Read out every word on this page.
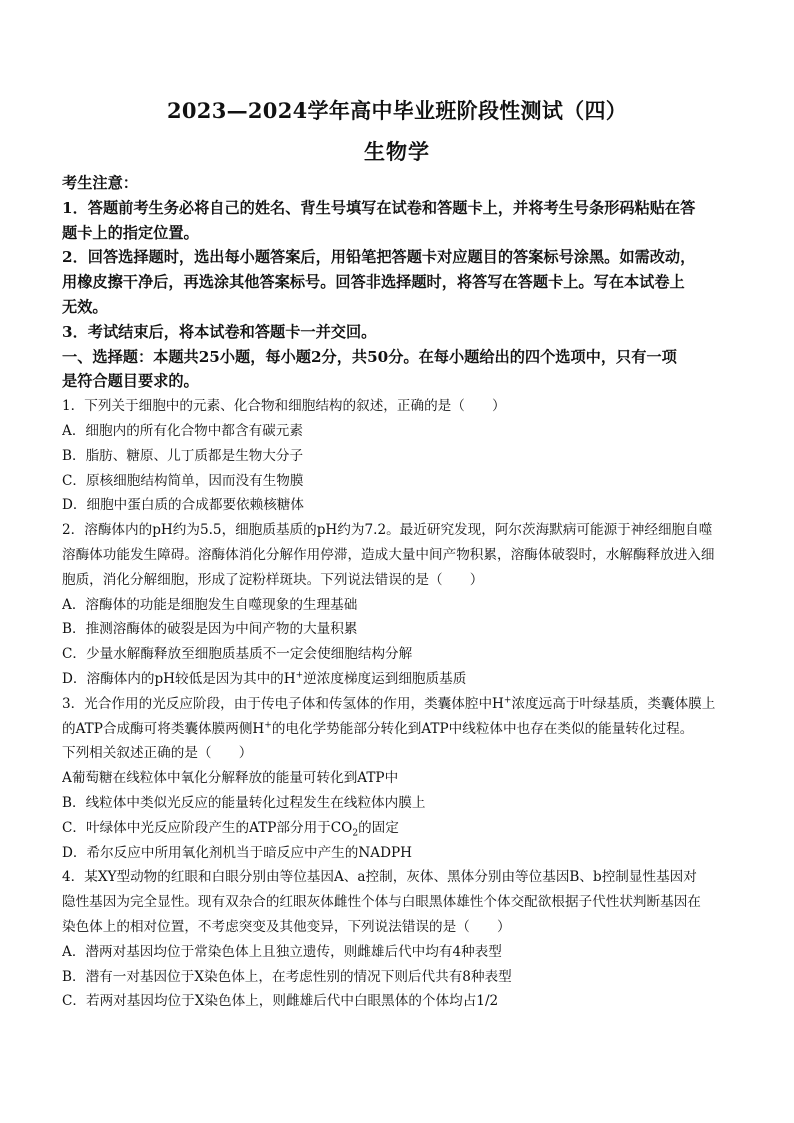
2023—2024学年高中毕业班阶段性测试（四）
生物学
考生注意：
1．答题前考生务必将自己的姓名、背生号填写在试卷和答题卡上，并将考生号条形码粘贴在答
题卡上的指定位置。
2．回答选择题时，选出每小题答案后，用铅笔把答题卡对应题目的答案标号涂黑。如需改动，
用橡皮擦干净后，再选涂其他答案标号。回答非选择题时，将答写在答题卡上。写在本试卷上
无效。
3．考试结束后，将本试卷和答题卡一并交回。
一、选择题：本题共25小题，每小题2分，共50分。在每小题给出的四个选项中，只有一项
是符合题目要求的。
1．下列关于细胞中的元素、化合物和细胞结构的叙述，正确的是（　　）
A．细胞内的所有化合物中都含有碳元素
B．脂肪、糖原、儿丁质都是生物大分子
C．原核细胞结构简单，因而没有生物膜
D．细胞中蛋白质的合成都要依赖核糖体
2．溶酶体内的pH约为5.5，细胞质基质的pH约为7.2。最近研究发现，阿尔茨海默病可能源于神经细胞自噬
溶酶体功能发生障碍。溶酶体消化分解作用停滞，造成大量中间产物积累，溶酶体破裂时，水解酶释放进入细
胞质，消化分解细胞，形成了淀粉样斑块。下列说法错误的是（　　）
A．溶酶体的功能是细胞发生自噬现象的生理基础
B．推测溶酶体的破裂是因为中间产物的大量积累
C．少量水解酶释放至细胞质基质不一定会使细胞结构分解
D．溶酶体内的pH较低是因为其中的H+逆浓度梯度运到细胞质基质
3．光合作用的光反应阶段，由于传电子体和传氢体的作用，类囊体腔中H+浓度远高于叶绿基质，类囊体膜上
的ATP合成酶可将类囊体膜两侧H+的电化学势能部分转化到ATP中线粒体中也存在类似的能量转化过程。
下列相关叙述正确的是（　　）
A葡萄糖在线粒体中氧化分解释放的能量可转化到ATP中
B．线粒体中类似光反应的能量转化过程发生在线粒体内膜上
C．叶绿体中光反应阶段产生的ATP部分用于$CO_2$的固定
D．希尔反应中所用氧化剂机当于暗反应中产生的NADPH
4．某XY型动物的红眼和白眼分别由等位基因A、a控制，灰体、黑体分别由等位基因B、b控制显性基因对
隐性基因为完全显性。现有双杂合的红眼灰体雌性个体与白眼黑体雄性个体交配欲根据子代性状判断基因在
染色体上的相对位置，不考虑突变及其他变异，下列说法错误的是（　　）
A．潜两对基因均位于常染色体上且独立遗传，则雌雄后代中均有4种表型
B．潜有一对基因位于X染色体上，在考虑性别的情况下则后代共有8种表型
C．若两对基因均位于X染色体上，则雌雄后代中白眼黑体的个体均占1/2
